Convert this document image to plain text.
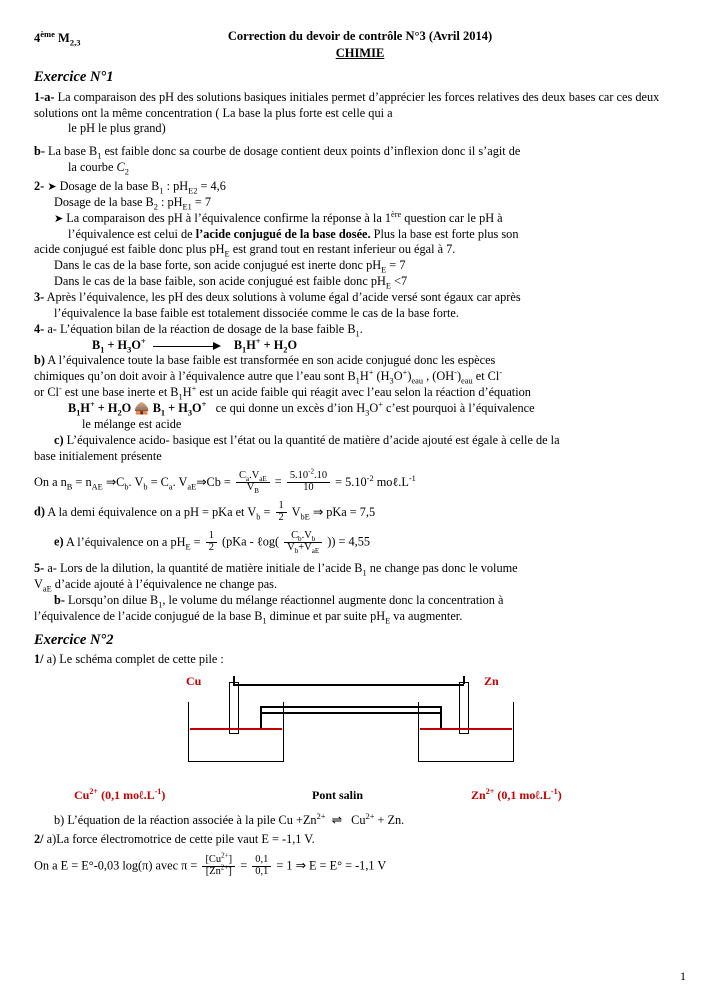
4ème $M_{2,3}$	Correction du devoir de contrôle N°3 (Avril 2014)
CHIMIE
Exercice N°1

1-a- La comparaison des pH des solutions basiques initiales permet d’apprécier les forces relatives des deux bases car ces deux solutions ont la même concentration ( La base la plus forte est celle qui a

le pH le plus grand)

b- La base $B_1$ est faible donc sa courbe de dosage contient deux points d’inflexion donc il s’agit de

la courbe $C_2$

2- ➤ Dosage de la base $B_1$ : $pH_{E2} = 4,6$

Dosage de la base $B_2$ : $pH_{E1} = 7$

➤ La comparaison des pH à l’équivalence confirme la réponse à la 1ère question car le pH à

l’équivalence est celui de l’acide conjugué de la base dosée. Plus la base est forte plus son

acide conjugué est faible donc plus $pH_E$ est grand tout en restant inferieur ou égal à 7.

Dans le cas de la base forte, son acide conjugué est inerte donc $pH_E = 7$

Dans le cas de la base faible, son acide conjugué est faible donc $pH_E <7$

3- Après l’équivalence, les pH des deux solutions à volume égal d’acide versé sont égaux car après

l’équivalence la base faible est totalement dissociée comme le cas de la base forte.

4- a- L’équation bilan de la réaction de dosage de la base faible $B_1$.

$B_1 + H_3O^+$	$B_1H^+ + H_2O$

b) A l’équivalence toute la base faible est transformée en son acide conjugué donc les espèces

chimiques qu’on doit avoir à l’équivalence autre que l’eau sont $B_1H^+$ $(H_3O^+)_{eau}$ , $(OH^-)_{eau}$ et Cl-

or Cl- est une base inerte et $B_1H^+$ est un acide faible qui réagit avec l’eau selon la réaction d’équation

$B_1H^+ + H_2O$ 🛖 $B_1 + H_3O^+$   ce qui donne un excès d’ion $H_3O^+$ c’est pourquoi à l’équivalence

le mélange est acide

c) L’équivalence acido- basique est l’état ou la quantité de matière d’acide ajouté est égale à celle de la

base initialement présente

On a $n_B = n_{AE}$ $\Rightarrow C_b$. $V_b = C_a$. $V_{aE}\Rightarrow Cb = \frac{C_a.V_{aE}}{V_B} = \frac{5.10^{-2}.10}{10} = 5.10^{-2}$ $mo\ell.L^{-1}$

d) A la demi équivalence on a pH = pKa et $V_b = \frac{1}{2} V_{bE}$ ⇒ pKa = 7,5

e) A l’équivalence on a $pH_E = \frac{1}{2} (pKa$ - ℓog( $\frac{C_b.V_b}{V_b+V_{aE}}$ )) = 4,55

5- a- Lors de la dilution, la quantité de matière initiale de l’acide $B_1$ ne change pas donc le volume

$V_{aE}$ d’acide ajouté à l’équivalence ne change pas.

b- Lorsqu’on dilue $B_1$, le volume du mélange réactionnel augmente donc la concentration à

l’équivalence de l’acide conjugué de la base $B_1$ diminue et par suite $pH_E$ va augmenter.

Exercice N°2

1/ a) Le schéma complet de cette pile :

Cu	Zn
$Cu^{2+}$ (0,1 $mo\ell.L^{-1}$)	Pont salin	$Zn^{2+}$ (0,1 $mo\ell.L^{-1}$)

b) L’équation de la réaction associée à la pile $Cu +Zn^{2+}$  ⇌   $Cu^{2+} + Zn$.

2/ a)La force électromotrice de cette pile vaut E = -1,1 V.

On a E = E°-0,03 log(π) avec $\pi = \frac{[Cu^{2+}]}{[Zn^{2+}]} = \frac{0,1}{0,1} = 1$ ⇒ E = E° = -1,1 V

1
